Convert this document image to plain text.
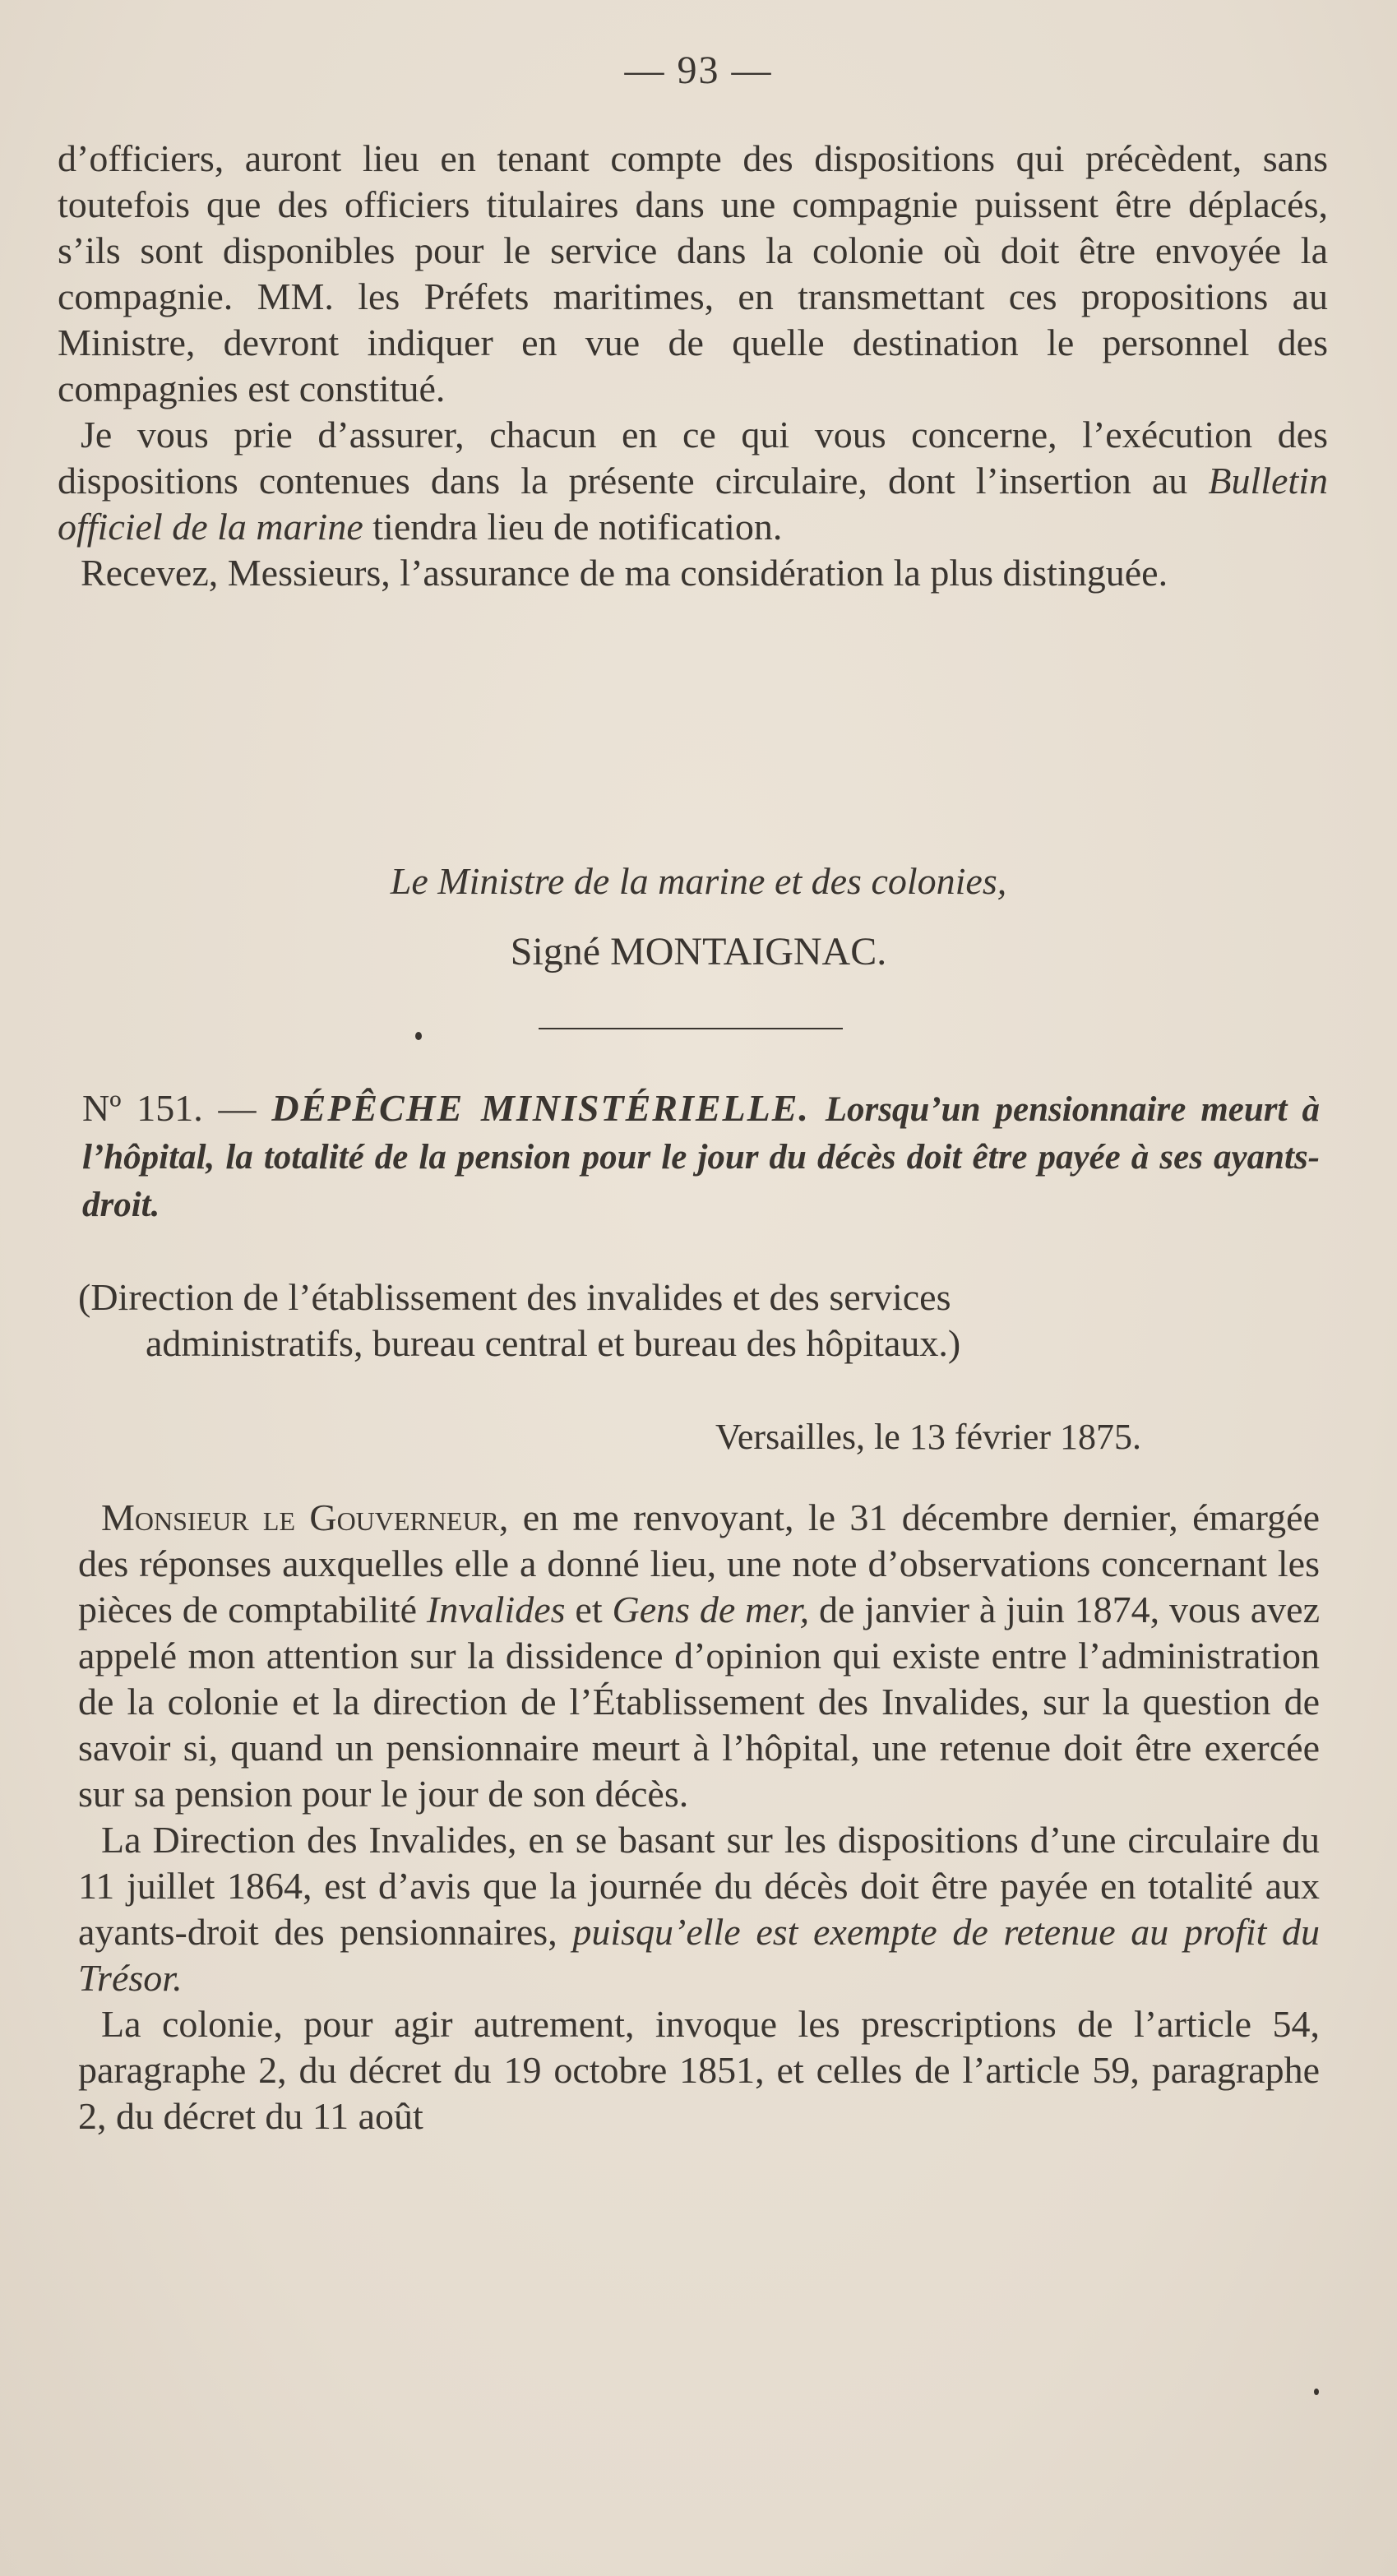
— 93 —

d’officiers, auront lieu en tenant compte des dispositions qui précèdent, sans toutefois que des officiers titulaires dans une compagnie puissent être déplacés, s’ils sont disponibles pour le service dans la colonie où doit être envoyée la compagnie. MM. les Préfets maritimes, en transmettant ces propositions au Ministre, devront indiquer en vue de quelle destination le personnel des compagnies est constitué.

Je vous prie d’assurer, chacun en ce qui vous concerne, l’exécution des dispositions contenues dans la présente circulaire, dont l’insertion au Bulletin officiel de la marine tiendra lieu de notification.

Recevez, Messieurs, l’assurance de ma considération la plus distinguée.

Le Ministre de la marine et des colonies,
Signé MONTAIGNAC.
Nº 151. — DÉPÊCHE MINISTÉRIELLE. Lorsqu’un pensionnaire meurt à l’hôpital, la totalité de la pension pour le jour du décès doit être payée à ses ayants-droit.
(Direction de l’établissement des invalides et des services
administratifs, bureau central et bureau des hôpitaux.)
Versailles, le 13 février 1875.

Monsieur le Gouverneur, en me renvoyant, le 31 décembre dernier, émargée des réponses auxquelles elle a donné lieu, une note d’observations concernant les pièces de comptabilité Invalides et Gens de mer, de janvier à juin 1874, vous avez appelé mon attention sur la dissidence d’opinion qui existe entre l’administration de la colonie et la direction de l’Établissement des Invalides, sur la question de savoir si, quand un pensionnaire meurt à l’hôpital, une retenue doit être exercée sur sa pension pour le jour de son décès.

La Direction des Invalides, en se basant sur les dispositions d’une circulaire du 11 juillet 1864, est d’avis que la journée du décès doit être payée en totalité aux ayants-droit des pensionnaires, puisqu’elle est exempte de retenue au profit du Trésor.

La colonie, pour agir autrement, invoque les prescriptions de l’article 54, paragraphe 2, du décret du 19 octobre 1851, et celles de l’article 59, paragraphe 2, du décret du 11 août
